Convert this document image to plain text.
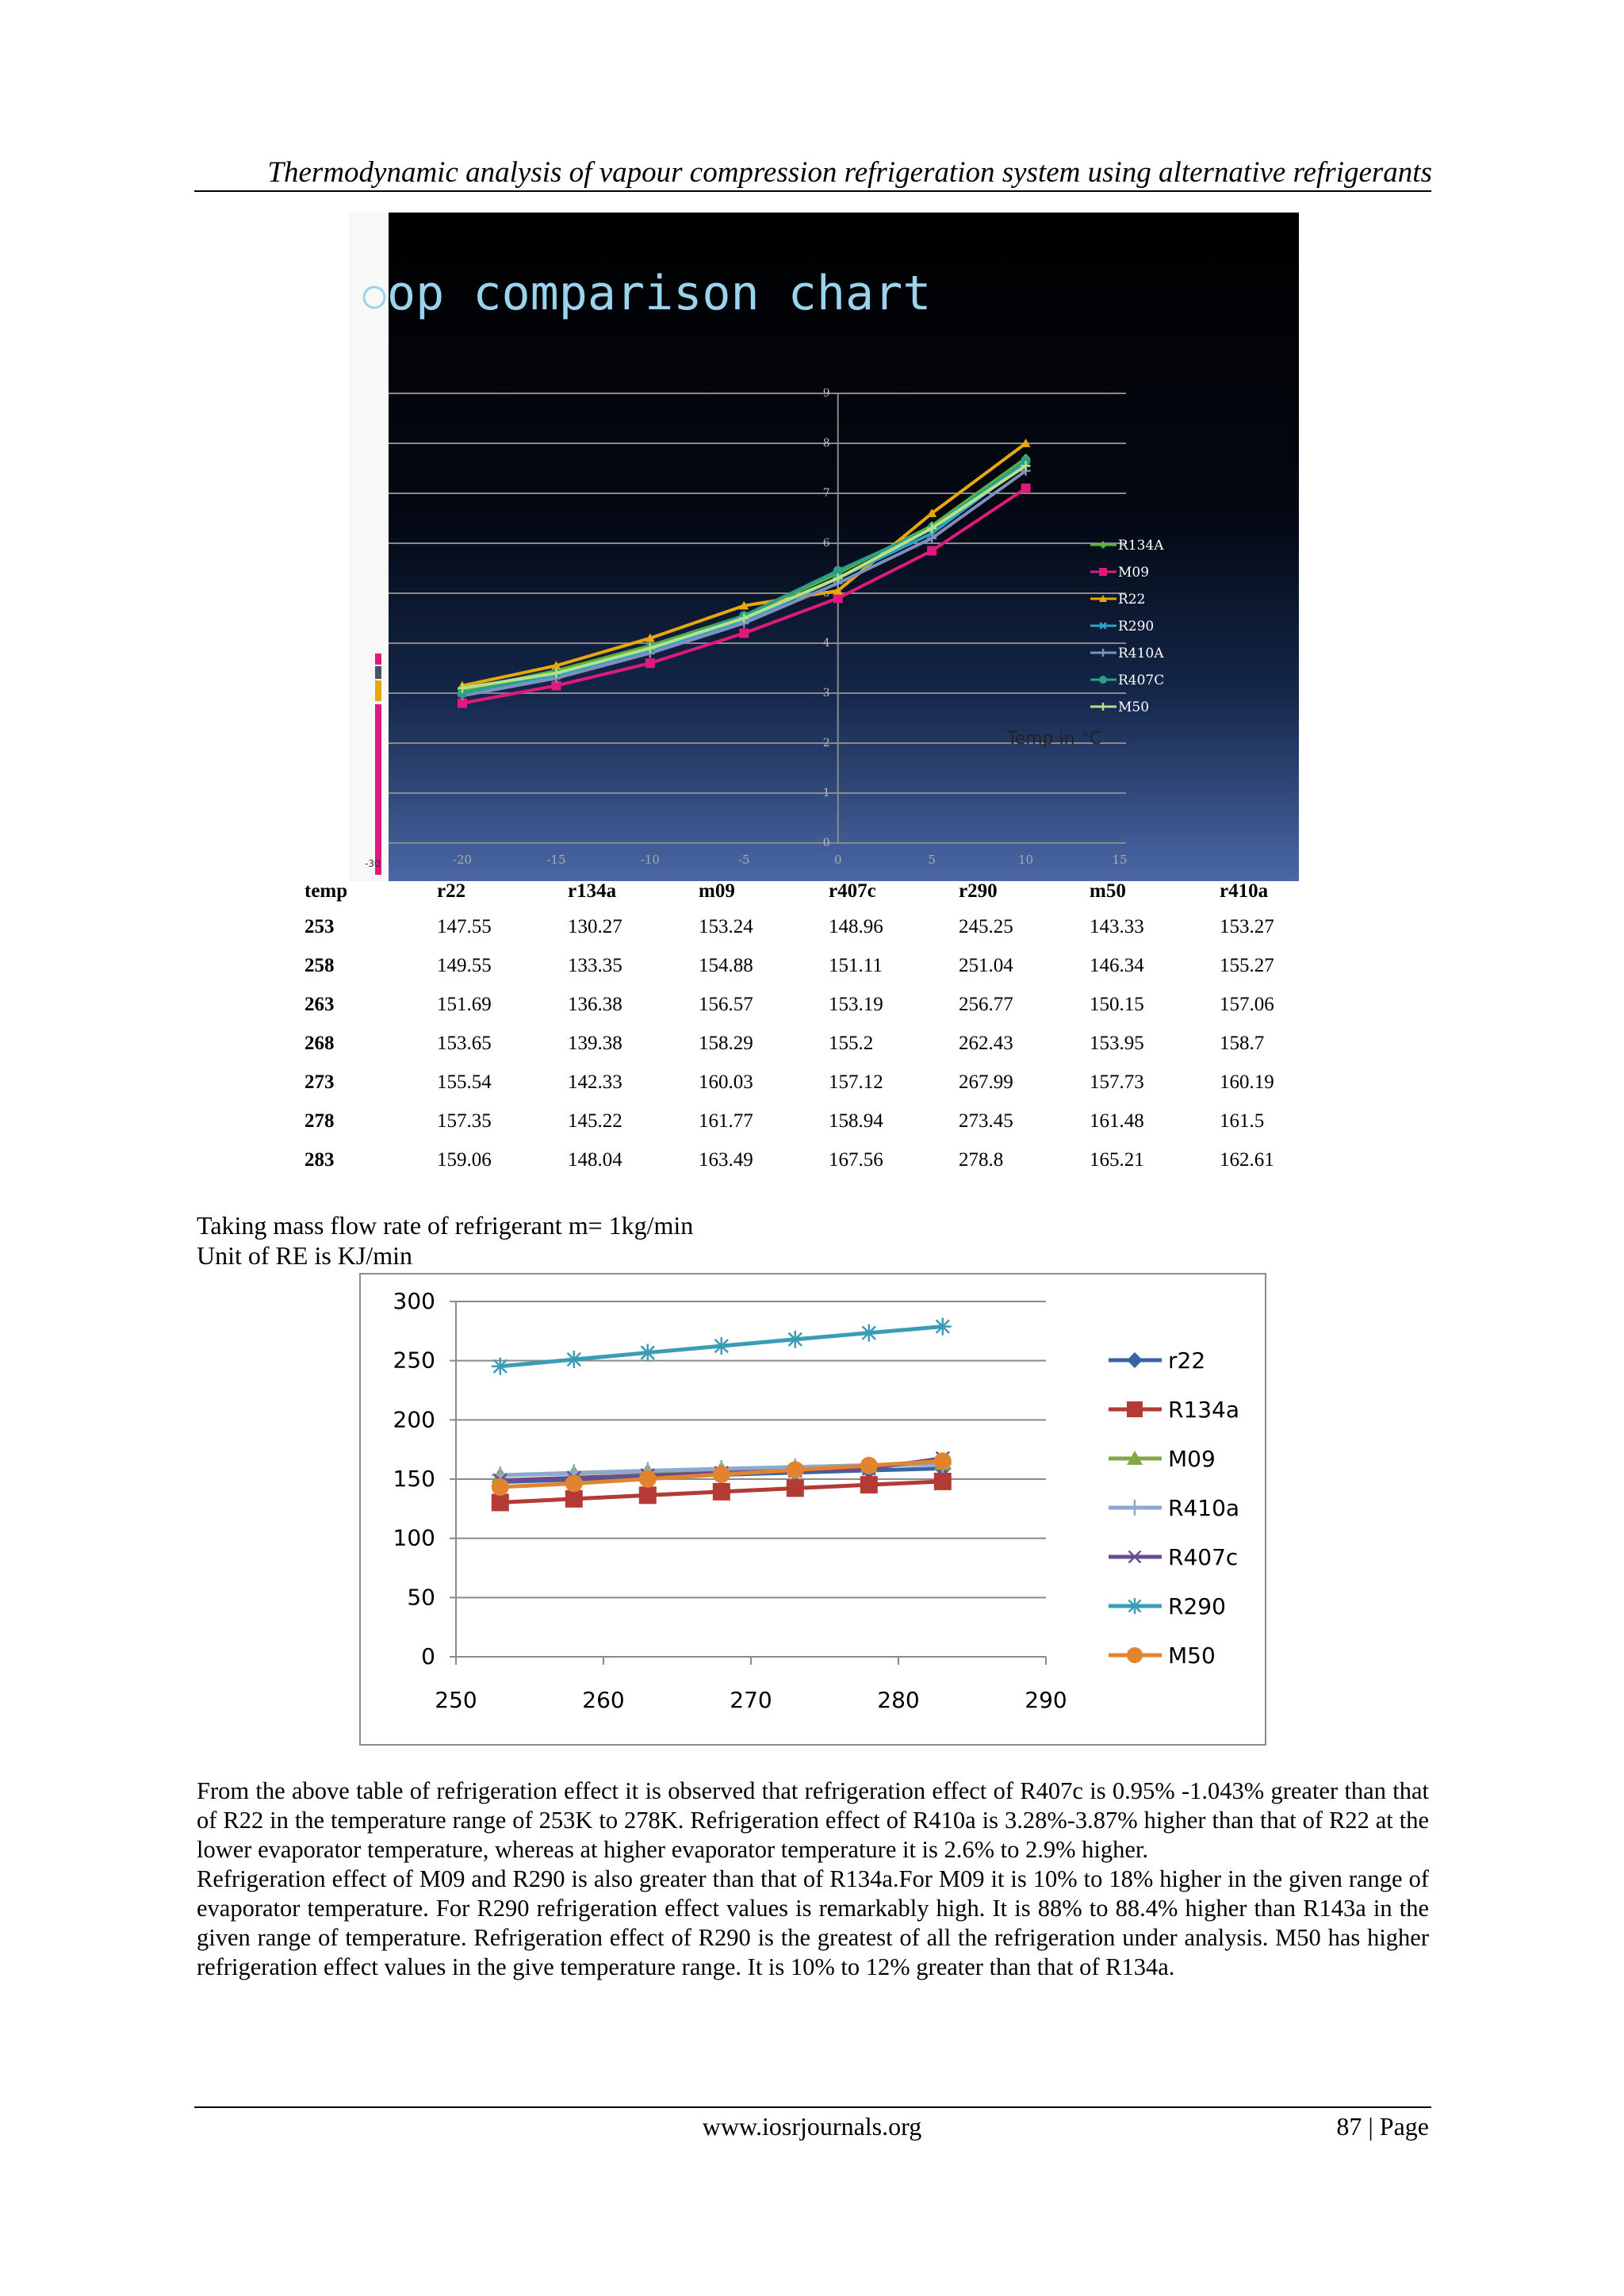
Thermodynamic analysis of vapour compression refrigeration system using alternative refrigerants
-30
op comparison chart
0
1
2
3
4
5
6
7
8
9
-20	-15	-10	-5	0	5	10	15
R134A
M09
R22
R290
R410A
R407C
M50
Temp in °C
temp	r22	r134a	m09	r407c	r290	m50	r410a
253	147.55	130.27	153.24	148.96	245.25	143.33	153.27
258	149.55	133.35	154.88	151.11	251.04	146.34	155.27
263	151.69	136.38	156.57	153.19	256.77	150.15	157.06
268	153.65	139.38	158.29	155.2	262.43	153.95	158.7
273	155.54	142.33	160.03	157.12	267.99	157.73	160.19
278	157.35	145.22	161.77	158.94	273.45	161.48	161.5
283	159.06	148.04	163.49	167.56	278.8	165.21	162.61
Taking mass flow rate of refrigerant m= 1kg/min
Unit of RE is KJ/min
0
50
100
150
200
250
300
250	260	270	280	290
r22
R134a
M09
R410a
R407c
R290
M50

From the above table of refrigeration effect it is observed that refrigeration effect of R407c is 0.95% -1.043% greater than that of R22 in the temperature range of 253K to 278K. Refrigeration effect of R410a is 3.28%-3.87% higher than that of R22 at the lower evaporator temperature, whereas at higher evaporator temperature it is 2.6% to 2.9% higher.

Refrigeration effect of M09 and R290 is also greater than that of R134a.For M09 it is 10% to 18% higher in the given range of evaporator temperature. For R290 refrigeration effect values is remarkably high. It is 88% to 88.4% higher than R143a in the given range of temperature. Refrigeration effect of R290 is the greatest of all the refrigeration under analysis. M50 has higher refrigeration effect values in the give temperature range. It is 10% to 12% greater than that of R134a.

www.iosrjournals.org	87 | Page
